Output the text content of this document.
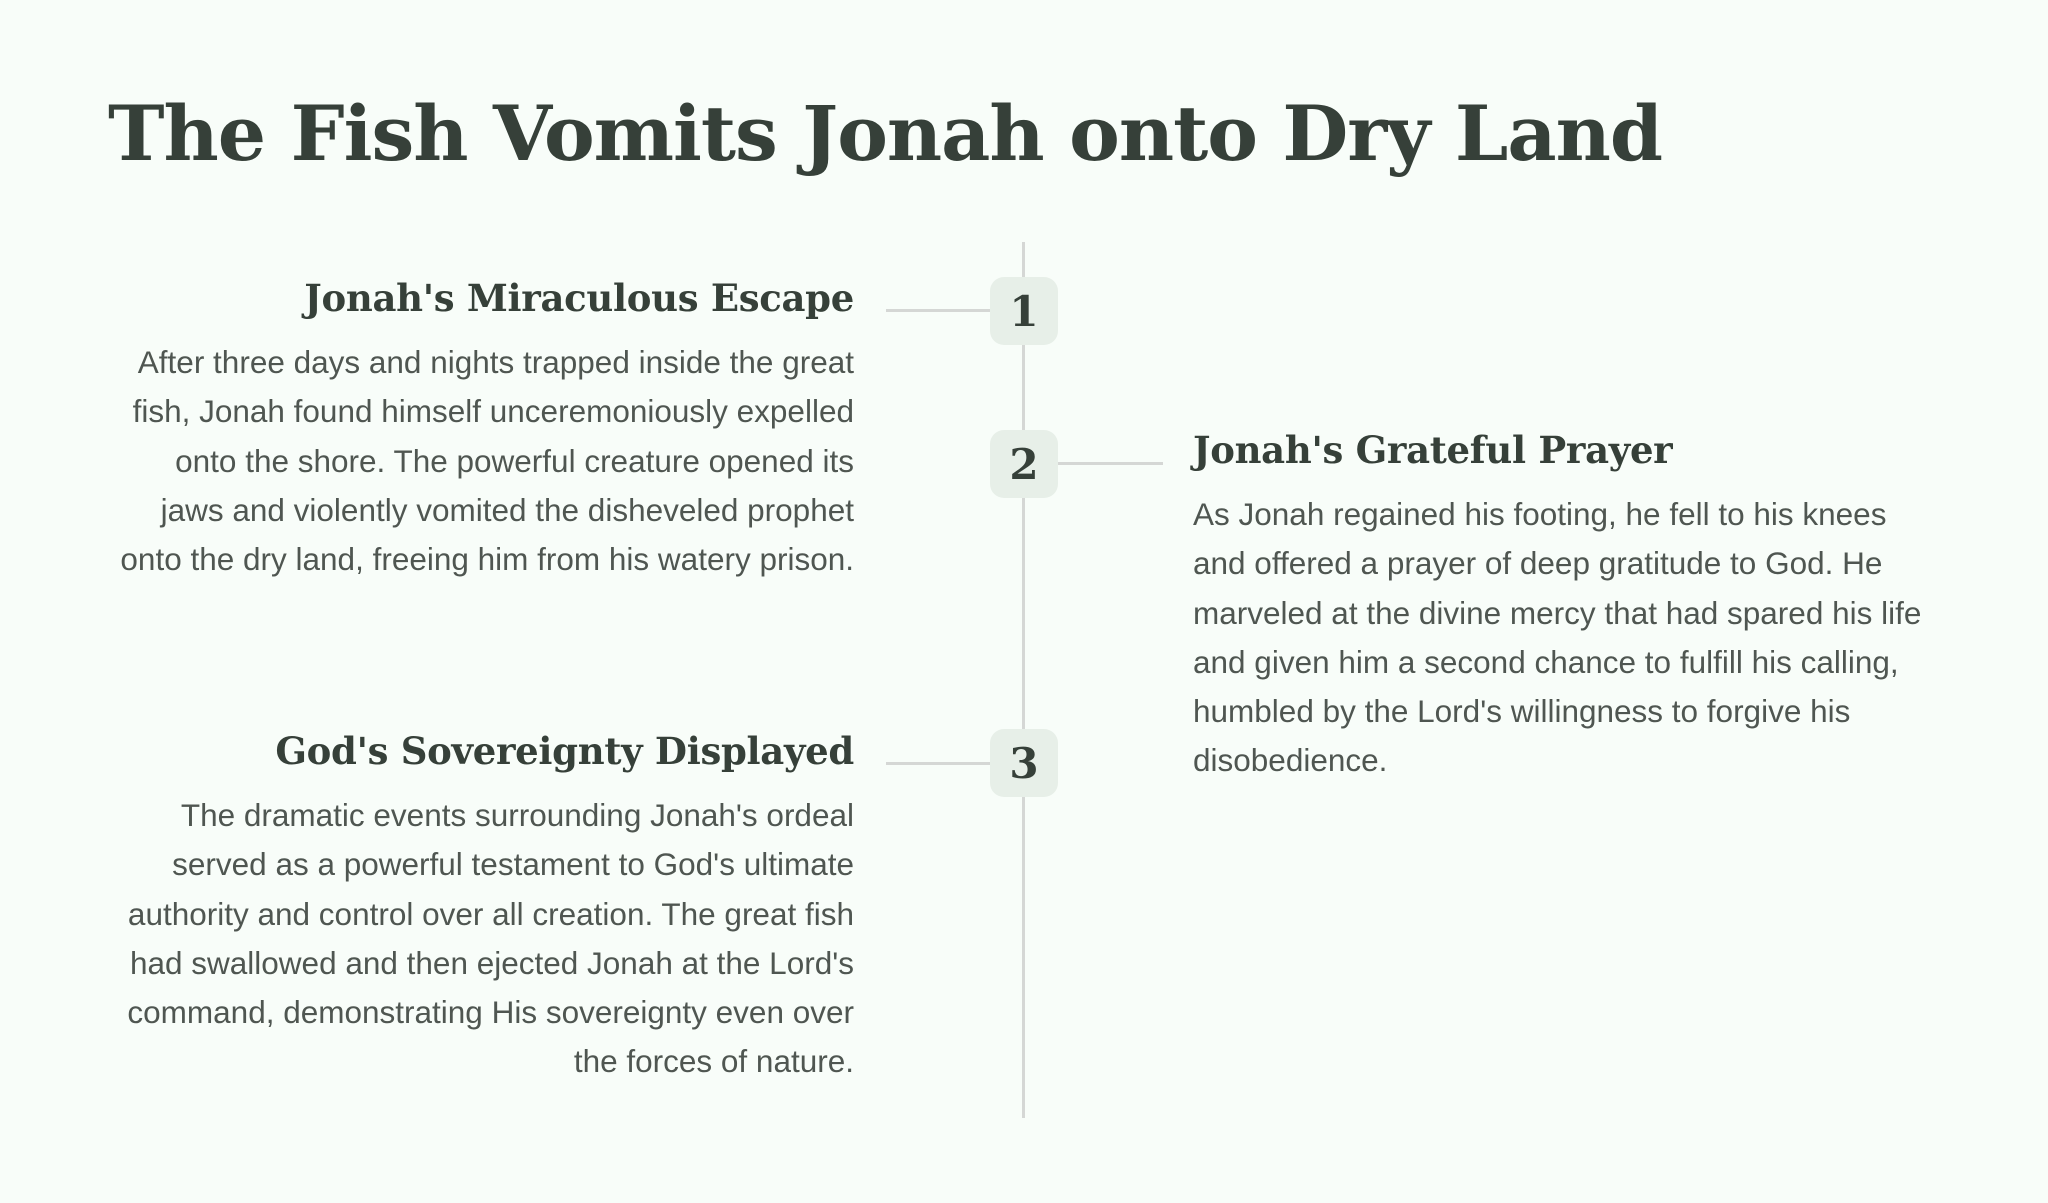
The Fish Vomits Jonah onto Dry Land
1
Jonah's Miraculous Escape

After three days and nights trapped inside the great fish, Jonah found himself unceremoniously expelled onto the shore. The powerful creature opened its jaws and violently vomited the disheveled prophet onto the dry land, freeing him from his watery prison.

2	Jonah's Grateful Prayer

As Jonah regained his footing, he fell to his knees and offered a prayer of deep gratitude to God. He marveled at the divine mercy that had spared his life and given him a second chance to fulfill his calling, humbled by the Lord's willingness to forgive his disobedience.

3
God's Sovereignty Displayed

The dramatic events surrounding Jonah's ordeal served as a powerful testament to God's ultimate authority and control over all creation. The great fish had swallowed and then ejected Jonah at the Lord's command, demonstrating His sovereignty even over the forces of nature.
